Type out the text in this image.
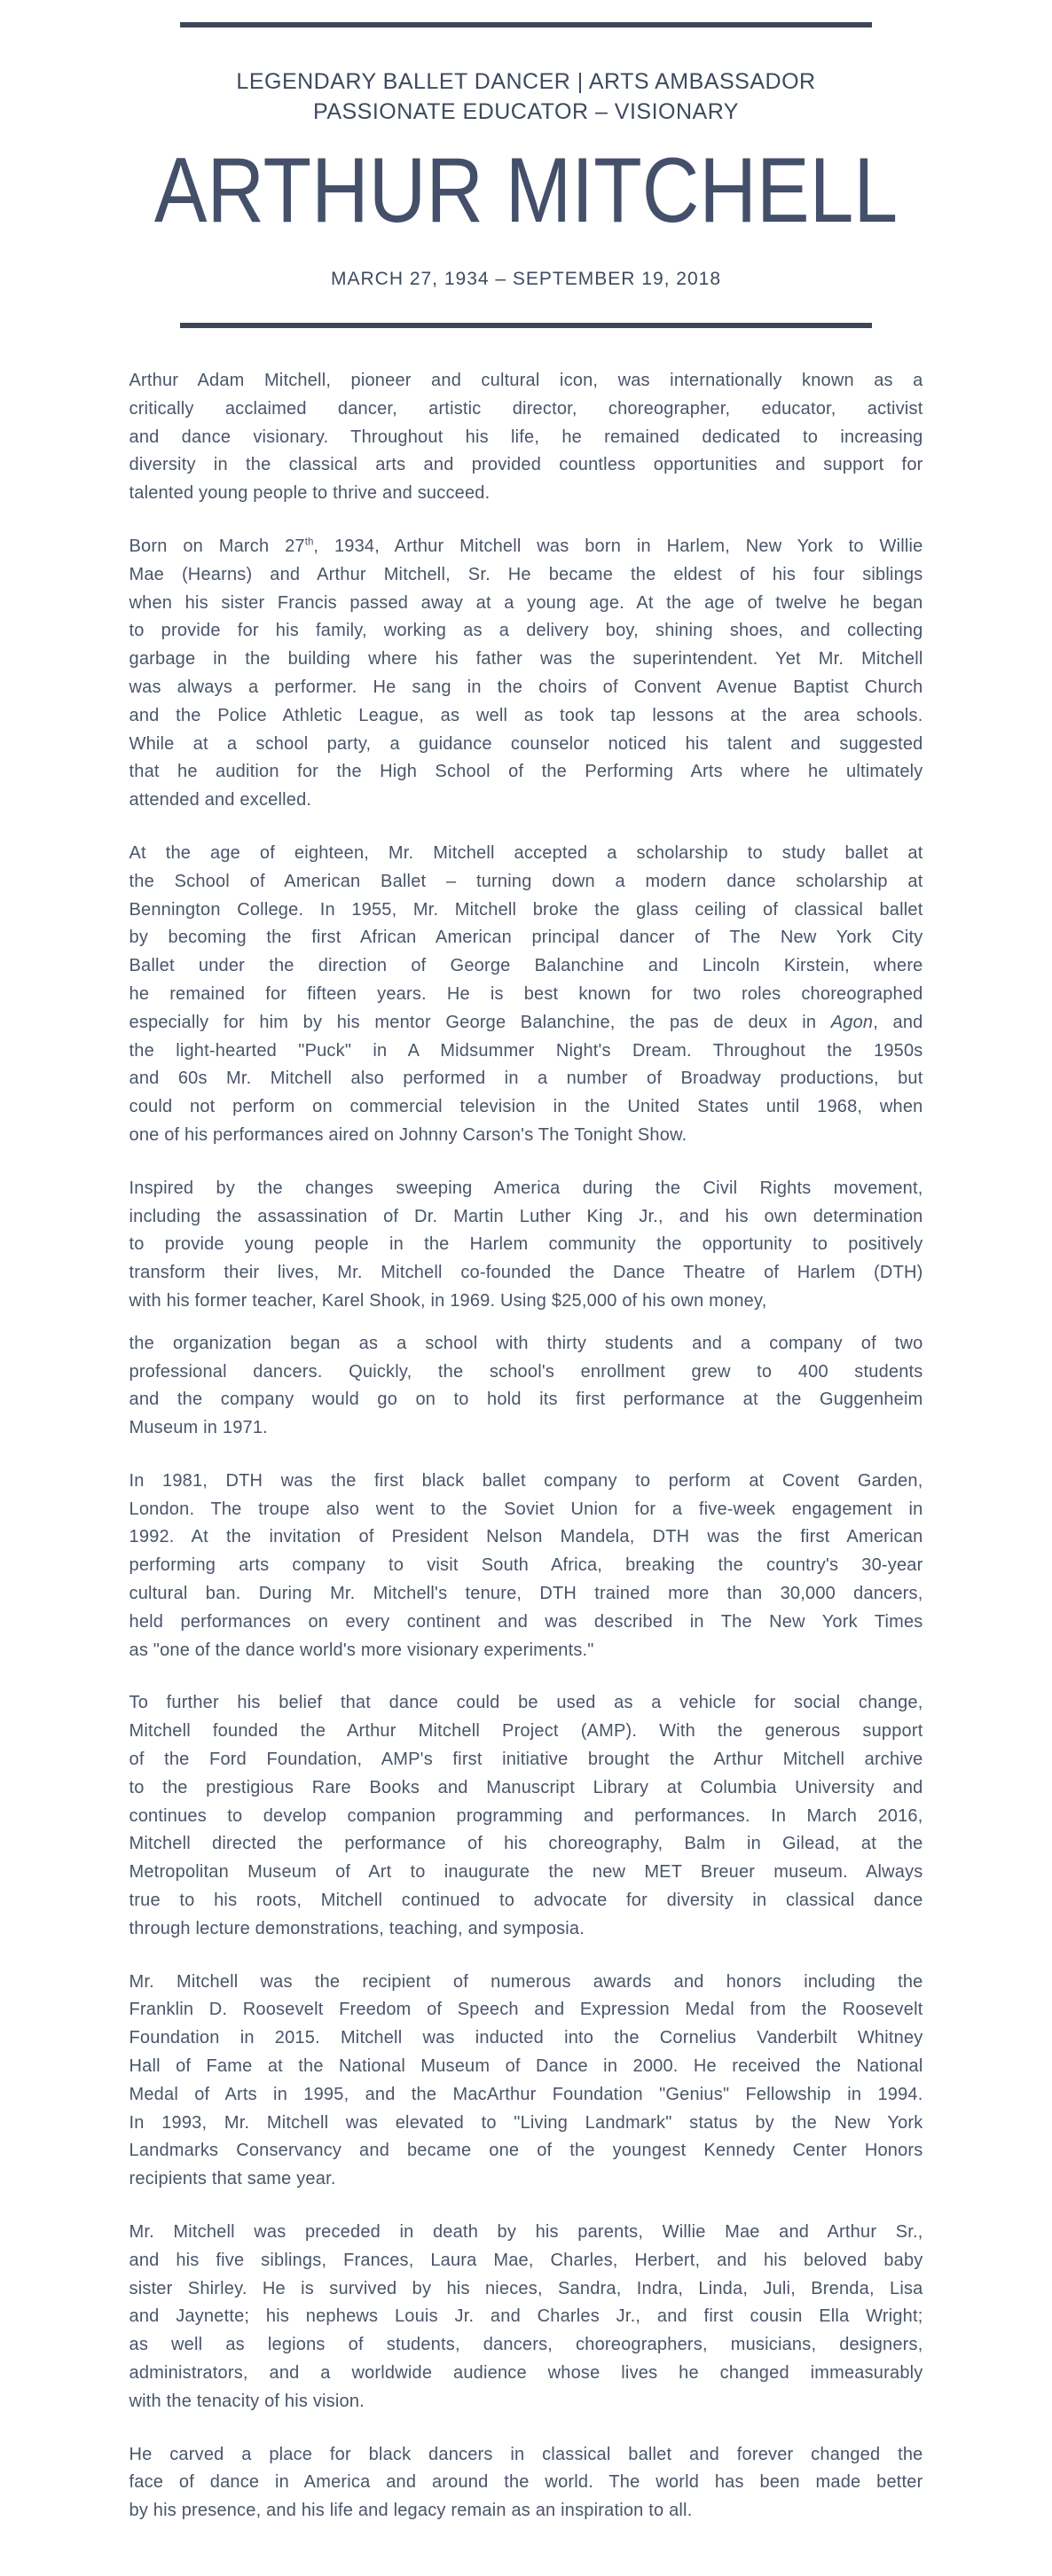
LEGENDARY BALLET DANCER | ARTS AMBASSADOR
PASSIONATE EDUCATOR – VISIONARY
ARTHUR MITCHELL
MARCH 27, 1934 – SEPTEMBER 19, 2018
Arthur Adam Mitchell, pioneer and cultural icon, was internationally known as a
critically acclaimed dancer, artistic director, choreographer, educator, activist
and dance visionary. Throughout his life, he remained dedicated to increasing
diversity in the classical arts and provided countless opportunities and support for
talented young people to thrive and succeed.
Born on March 27th, 1934, Arthur Mitchell was born in Harlem, New York to Willie
Mae (Hearns) and Arthur Mitchell, Sr. He became the eldest of his four siblings
when his sister Francis passed away at a young age. At the age of twelve he began
to provide for his family, working as a delivery boy, shining shoes, and collecting
garbage in the building where his father was the superintendent. Yet Mr. Mitchell
was always a performer. He sang in the choirs of Convent Avenue Baptist Church
and the Police Athletic League, as well as took tap lessons at the area schools.
While at a school party, a guidance counselor noticed his talent and suggested
that he audition for the High School of the Performing Arts where he ultimately
attended and excelled.
At the age of eighteen, Mr. Mitchell accepted a scholarship to study ballet at
the School of American Ballet – turning down a modern dance scholarship at
Bennington College. In 1955, Mr. Mitchell broke the glass ceiling of classical ballet
by becoming the first African American principal dancer of The New York City
Ballet under the direction of George Balanchine and Lincoln Kirstein, where
he remained for fifteen years. He is best known for two roles choreographed
especially for him by his mentor George Balanchine, the pas de deux in Agon, and
the light-hearted "Puck" in A Midsummer Night's Dream. Throughout the 1950s
and 60s Mr. Mitchell also performed in a number of Broadway productions, but
could not perform on commercial television in the United States until 1968, when
one of his performances aired on Johnny Carson's The Tonight Show.
Inspired by the changes sweeping America during the Civil Rights movement,
including the assassination of Dr. Martin Luther King Jr., and his own determination
to provide young people in the Harlem community the opportunity to positively
transform their lives, Mr. Mitchell co-founded the Dance Theatre of Harlem (DTH)
with his former teacher, Karel Shook, in 1969. Using $25,000 of his own money,
the organization began as a school with thirty students and a company of two
professional dancers. Quickly, the school's enrollment grew to 400 students
and the company would go on to hold its first performance at the Guggenheim
Museum in 1971.
In 1981, DTH was the first black ballet company to perform at Covent Garden,
London. The troupe also went to the Soviet Union for a five-week engagement in
1992. At the invitation of President Nelson Mandela, DTH was the first American
performing arts company to visit South Africa, breaking the country's 30-year
cultural ban. During Mr. Mitchell's tenure, DTH trained more than 30,000 dancers,
held performances on every continent and was described in The New York Times
as "one of the dance world's more visionary experiments."
To further his belief that dance could be used as a vehicle for social change,
Mitchell founded the Arthur Mitchell Project (AMP). With the generous support
of the Ford Foundation, AMP's first initiative brought the Arthur Mitchell archive
to the prestigious Rare Books and Manuscript Library at Columbia University and
continues to develop companion programming and performances. In March 2016,
Mitchell directed the performance of his choreography, Balm in Gilead, at the
Metropolitan Museum of Art to inaugurate the new MET Breuer museum. Always
true to his roots, Mitchell continued to advocate for diversity in classical dance
through lecture demonstrations, teaching, and symposia.
Mr. Mitchell was the recipient of numerous awards and honors including the
Franklin D. Roosevelt Freedom of Speech and Expression Medal from the Roosevelt
Foundation in 2015. Mitchell was inducted into the Cornelius Vanderbilt Whitney
Hall of Fame at the National Museum of Dance in 2000. He received the National
Medal of Arts in 1995, and the MacArthur Foundation "Genius" Fellowship in 1994.
In 1993, Mr. Mitchell was elevated to "Living Landmark" status by the New York
Landmarks Conservancy and became one of the youngest Kennedy Center Honors
recipients that same year.
Mr. Mitchell was preceded in death by his parents, Willie Mae and Arthur Sr.,
and his five siblings, Frances, Laura Mae, Charles, Herbert, and his beloved baby
sister Shirley. He is survived by his nieces, Sandra, Indra, Linda, Juli, Brenda, Lisa
and Jaynette; his nephews Louis Jr. and Charles Jr., and first cousin Ella Wright;
as well as legions of students, dancers, choreographers, musicians, designers,
administrators, and a worldwide audience whose lives he changed immeasurably
with the tenacity of his vision.
He carved a place for black dancers in classical ballet and forever changed the
face of dance in America and around the world. The world has been made better
by his presence, and his life and legacy remain as an inspiration to all.
